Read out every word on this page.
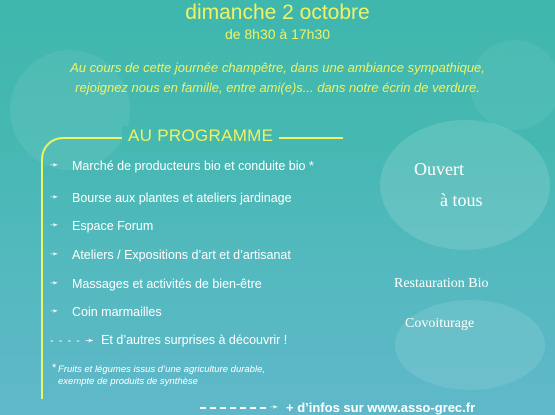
dimanche 2 octobre
de 8h30 à 17h30
Au cours de cette journée champêtre, dans une ambiance sympathique,
rejoignez nous en famille, entre ami(e)s... dans notre écrin de verdure.
AU PROGRAMME
➛	Marché de producteurs bio et conduite bio *
➛	Bourse aux plantes et ateliers jardinage
➛	Espace Forum
➛	Ateliers / Expositions d’art et d’artisanat
➛	Massages et activités de bien-être
➛	Coin marmailles
- - - - ➛ Et d’autres surprises à découvrir !
* Fruits et légumes issus d’une agriculture durable,
exempte de produits de synthèse
Ouvert
à tous
Restauration Bio
Covoiturage
➛ + d’infos sur www.asso-grec.fr
